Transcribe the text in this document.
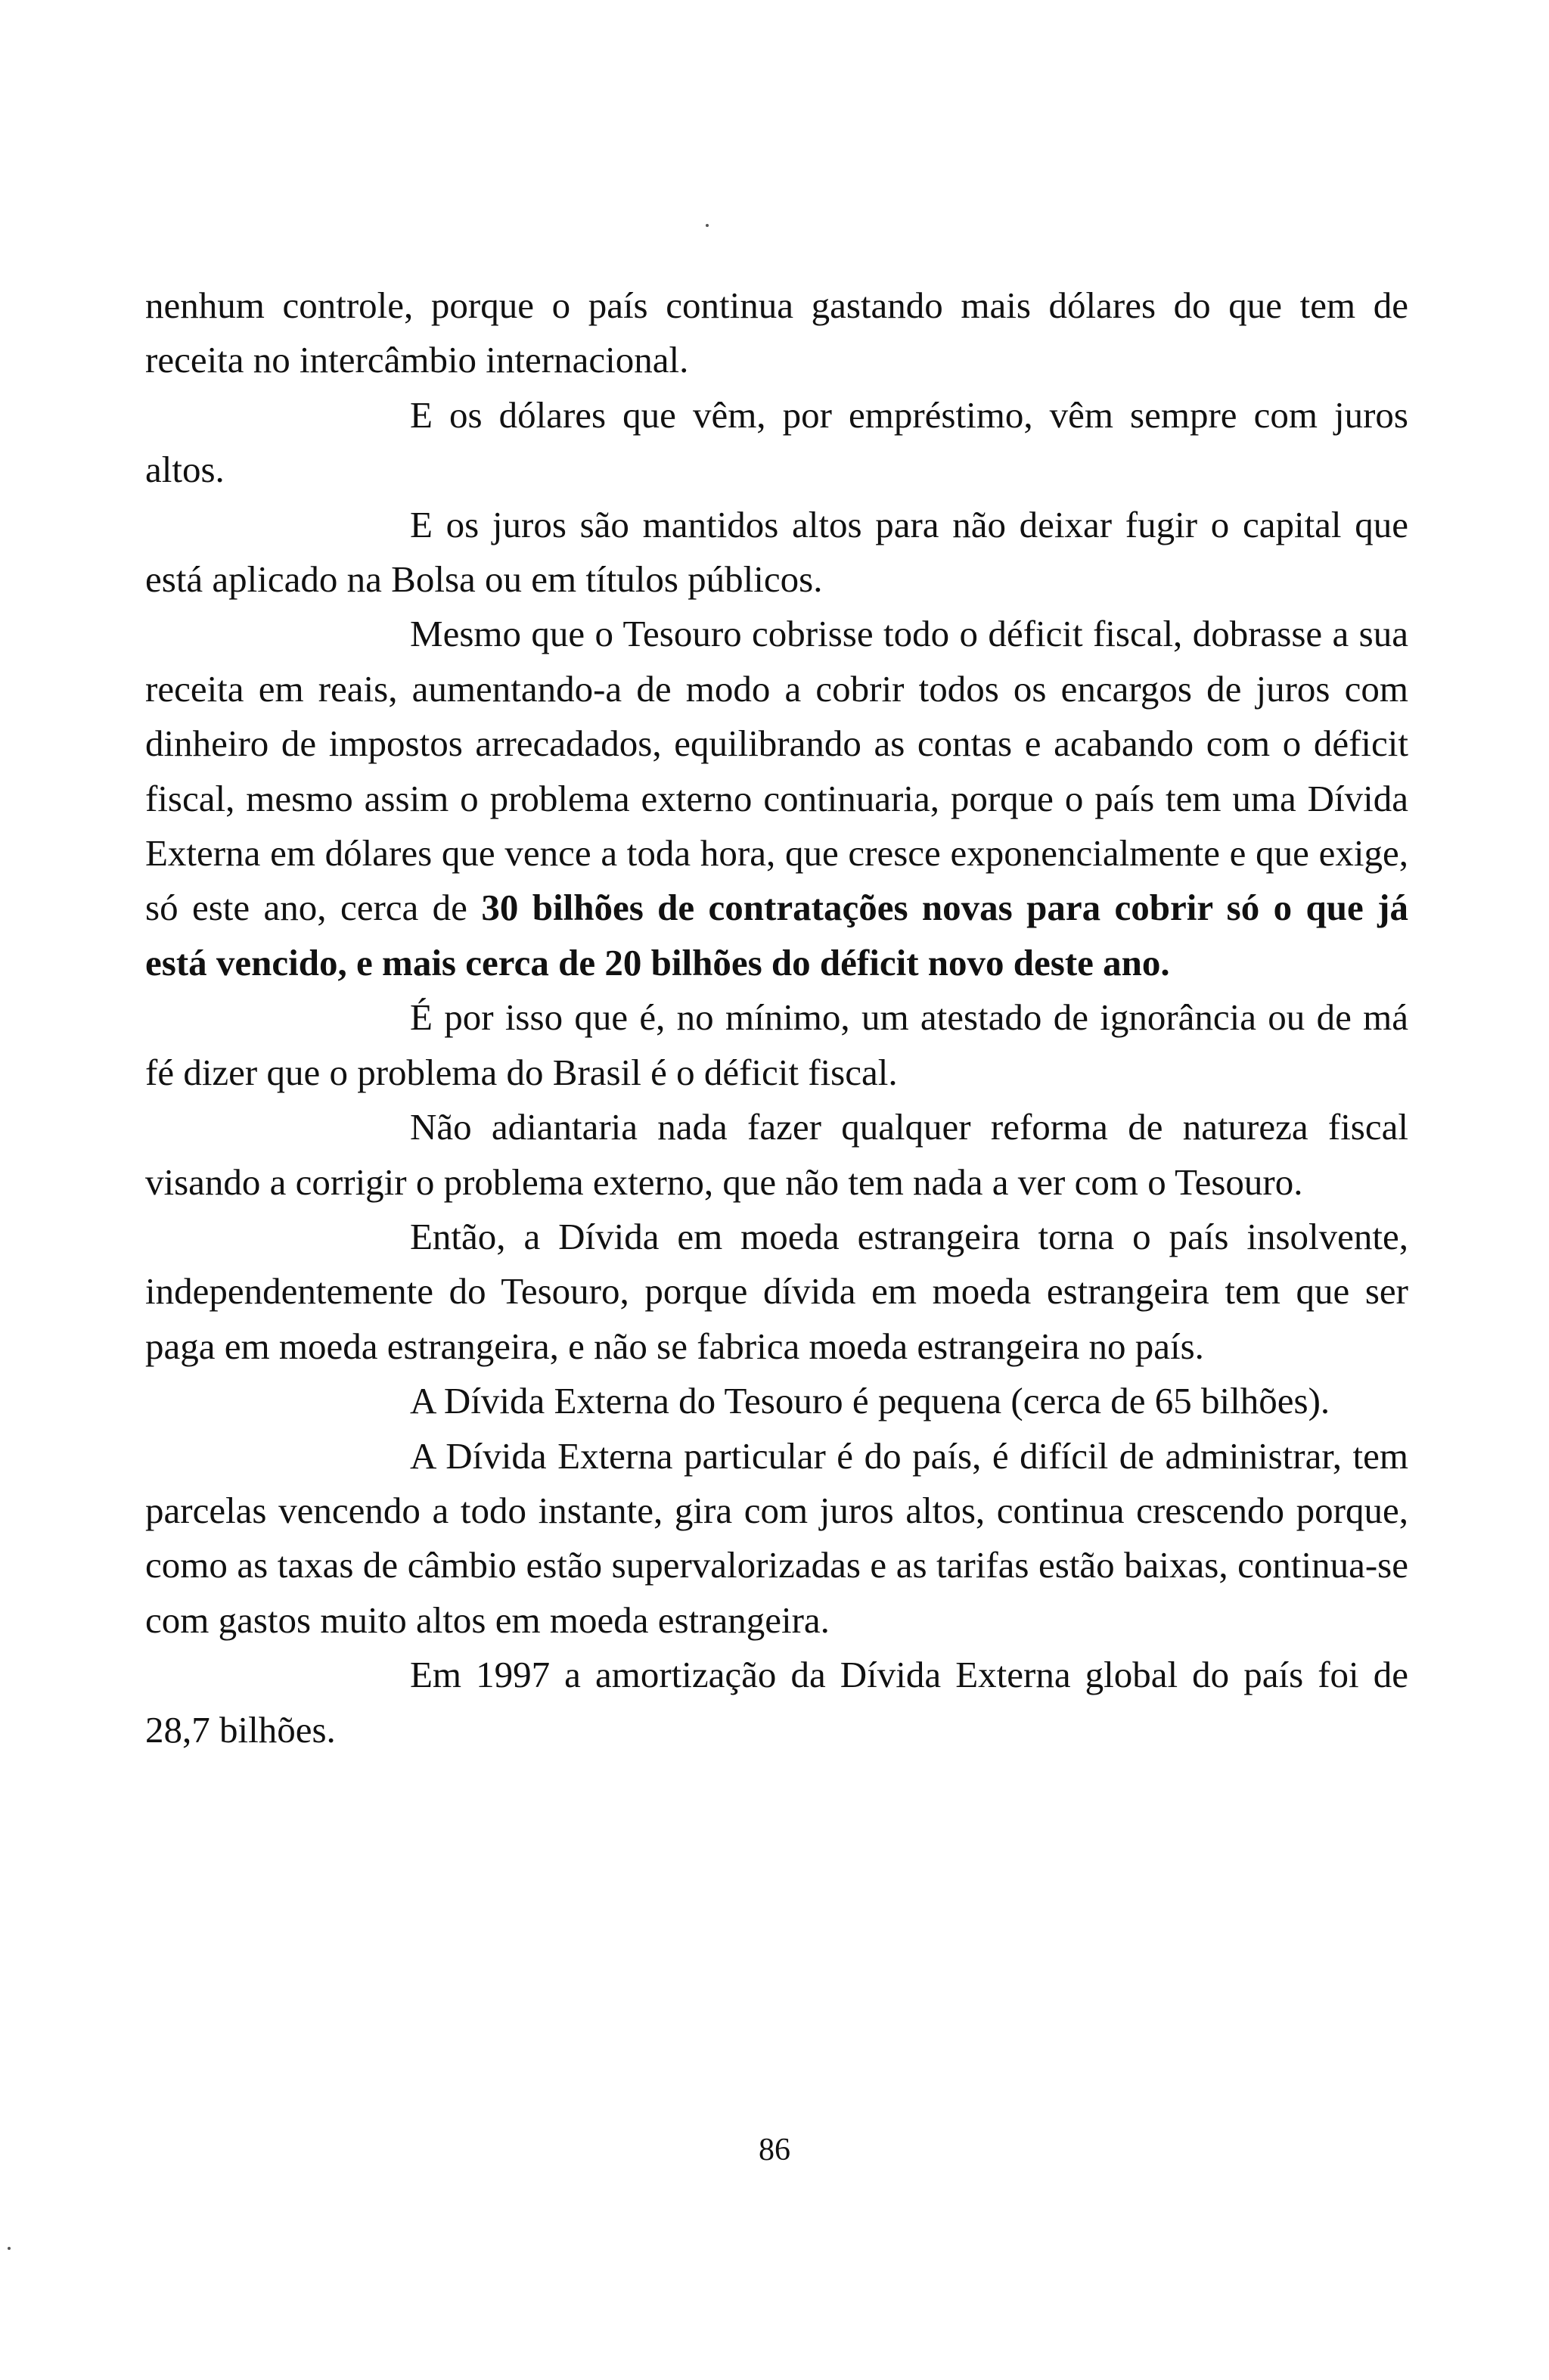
nenhum controle, porque o país continua gastando mais dólares do que tem de receita no intercâmbio internacional.

E os dólares que vêm, por empréstimo, vêm sempre com juros altos.

E os juros são mantidos altos para não deixar fugir o capital que está aplicado na Bolsa ou em títulos públicos.

Mesmo que o Tesouro cobrisse todo o déficit fiscal, dobrasse a sua receita em reais, aumentando-a de modo a cobrir todos os encargos de juros com dinheiro de impostos arrecadados, equilibrando as contas e acabando com o déficit fiscal, mesmo assim o problema externo continuaria, porque o país tem uma Dívida Externa em dólares que vence a toda hora, que cresce exponencialmente e que exige, só este ano, cerca de 30 bilhões de contratações novas para cobrir só o que já está vencido, e mais cerca de 20 bilhões do déficit novo deste ano.

É por isso que é, no mínimo, um atestado de ignorância ou de má fé dizer que o problema do Brasil é o déficit fiscal.

Não adiantaria nada fazer qualquer reforma de natureza fiscal visando a corrigir o problema externo, que não tem nada a ver com o Tesouro.

Então, a Dívida em moeda estrangeira torna o país insolvente, independentemente do Tesouro, porque dívida em moeda estrangeira tem que ser paga em moeda estrangeira, e não se fabrica moeda estrangeira no país.

A Dívida Externa do Tesouro é pequena (cerca de 65 bilhões).

A Dívida Externa particular é do país, é difícil de administrar, tem parcelas vencendo a todo instante, gira com juros altos, continua crescendo porque, como as taxas de câmbio estão supervalorizadas e as tarifas estão baixas, continua-se com gastos muito altos em moeda estrangeira.

Em 1997 a amortização da Dívida Externa global do país foi de 28,7 bilhões.

86
